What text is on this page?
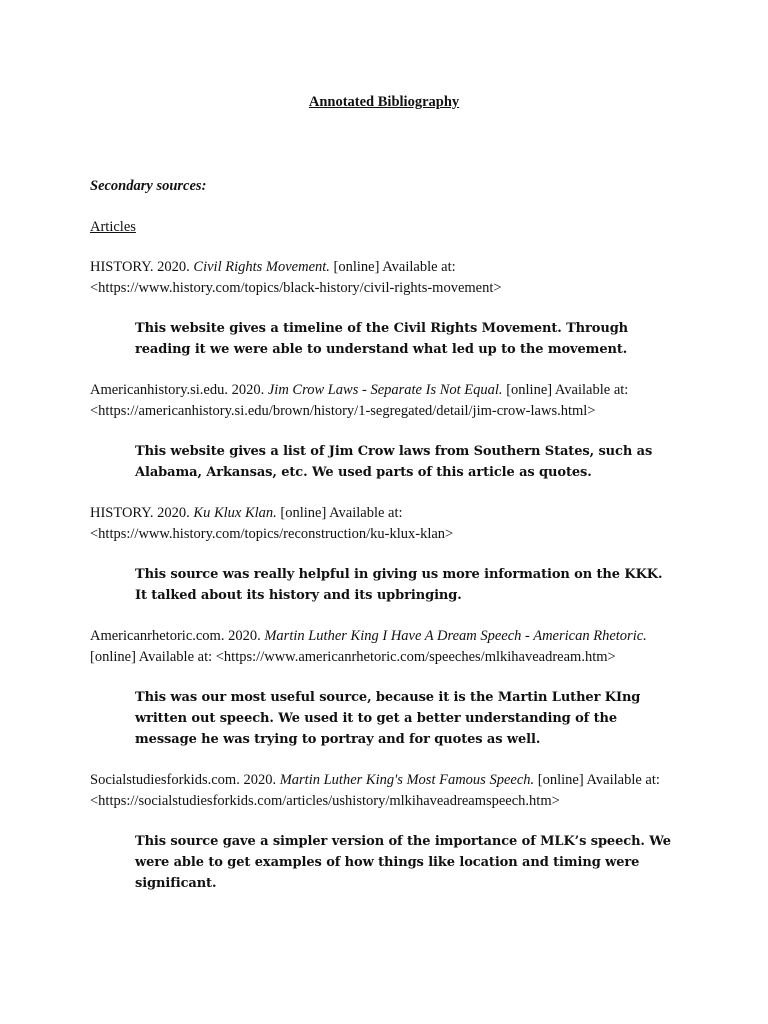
Annotated Bibliography
Secondary sources:
Articles

HISTORY. 2020. Civil Rights Movement. [online] Available at: <https://www.history.com/topics/black-history/civil-rights-movement>

This website gives a timeline of the Civil Rights Movement. Through reading it we were able to understand what led up to the movement.

Americanhistory.si.edu. 2020. Jim Crow Laws - Separate Is Not Equal. [online] Available at: <https://americanhistory.si.edu/brown/history/1-segregated/detail/jim-crow-laws.html>

This website gives a list of Jim Crow laws from Southern States, such as Alabama, Arkansas, etc. We used parts of this article as quotes.

HISTORY. 2020. Ku Klux Klan. [online] Available at: <https://www.history.com/topics/reconstruction/ku-klux-klan>

This source was really helpful in giving us more information on the KKK. It talked about its history and its upbringing.

Americanrhetoric.com. 2020. Martin Luther King I Have A Dream Speech - American Rhetoric. [online] Available at: <https://www.americanrhetoric.com/speeches/mlkihaveadream.htm>

This was our most useful source, because it is the Martin Luther KIng written out speech. We used it to get a better understanding of the message he was trying to portray and for quotes as well.

Socialstudiesforkids.com. 2020. Martin Luther King's Most Famous Speech. [online] Available at: <https://socialstudiesforkids.com/articles/ushistory/mlkihaveadreamspeech.htm>

This source gave a simpler version of the importance of MLK’s speech. We were able to get examples of how things like location and timing were significant.
